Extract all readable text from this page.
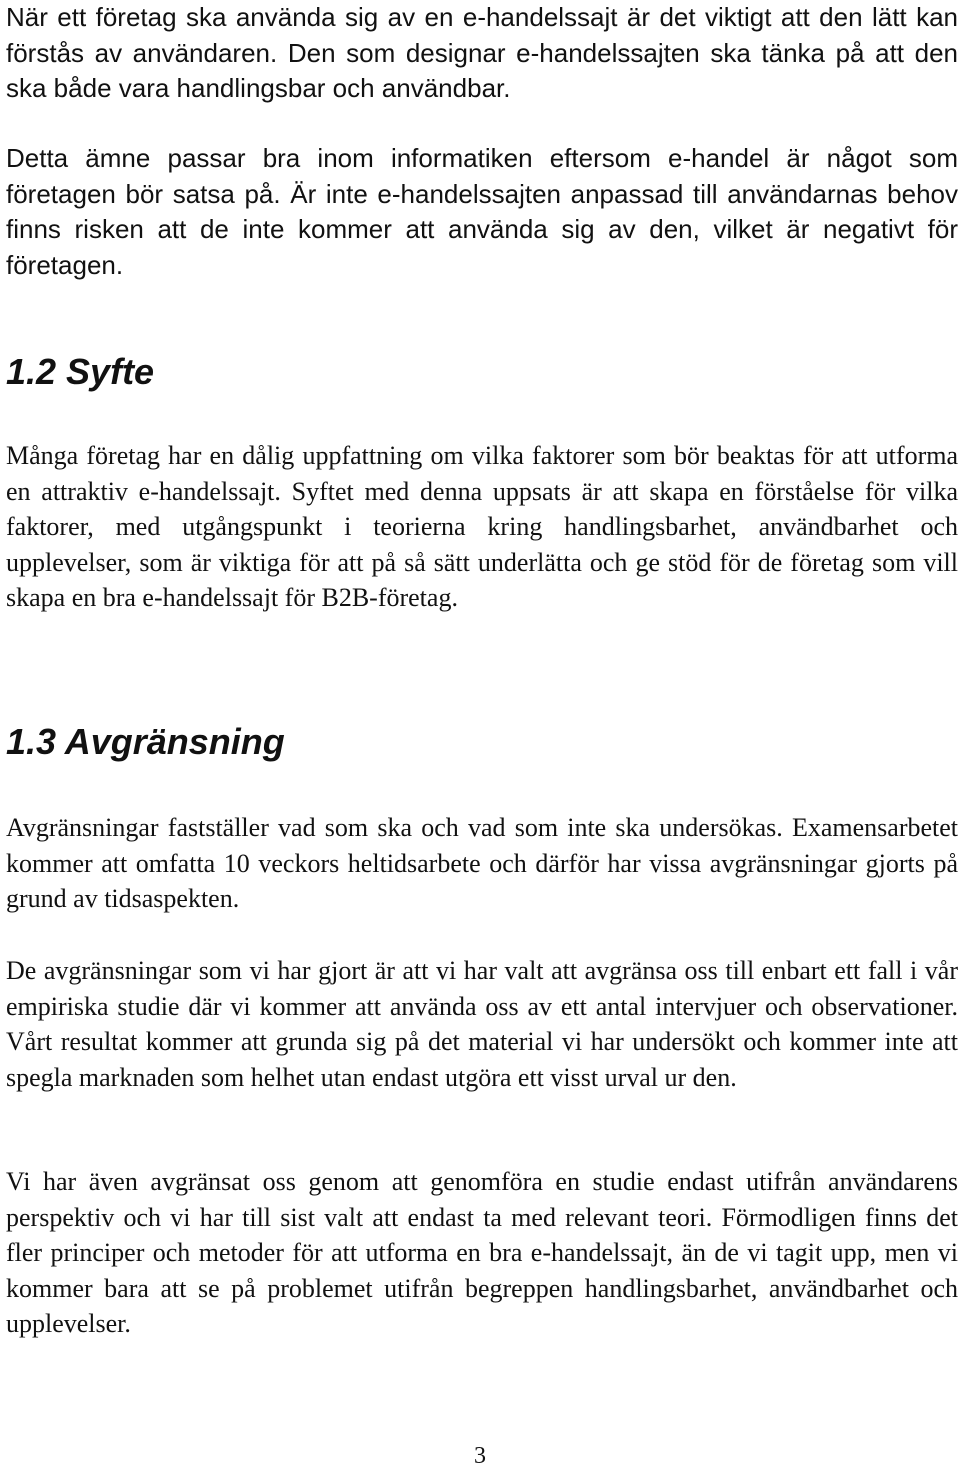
När ett företag ska använda sig av en e-handelssajt är det viktigt att den lätt kan förstås av användaren. Den som designar e-handelssajten ska tänka på att den ska både vara handlingsbar och användbar.

Detta ämne passar bra inom informatiken eftersom e-handel är något som företagen bör satsa på. Är inte e-handelssajten anpassad till användarnas behov finns risken att de inte kommer att använda sig av den, vilket är negativt för företagen.

1.2 Syfte

Många företag har en dålig uppfattning om vilka faktorer som bör beaktas för att utforma en attraktiv e-handelssajt. Syftet med denna uppsats är att skapa en förståelse för vilka faktorer, med utgångspunkt i teorierna kring handlingsbarhet, användbarhet och upplevelser, som är viktiga för att på så sätt underlätta och ge stöd för de företag som vill skapa en bra e-handelssajt för B2B-företag.

1.3 Avgränsning

Avgränsningar fastställer vad som ska och vad som inte ska undersökas. Examensarbetet kommer att omfatta 10 veckors heltidsarbete och därför har vissa avgränsningar gjorts på grund av tidsaspekten.

De avgränsningar som vi har gjort är att vi har valt att avgränsa oss till enbart ett fall i vår empiriska studie där vi kommer att använda oss av ett antal intervjuer och observationer. Vårt resultat kommer att grunda sig på det material vi har undersökt och kommer inte att spegla marknaden som helhet utan endast utgöra ett visst urval ur den.

Vi har även avgränsat oss genom att genomföra en studie endast utifrån användarens perspektiv och vi har till sist valt att endast ta med relevant teori. Förmodligen finns det fler principer och metoder för att utforma en bra e-handelssajt, än de vi tagit upp, men vi kommer bara att se på problemet utifrån begreppen handlingsbarhet, användbarhet och upplevelser.

3
